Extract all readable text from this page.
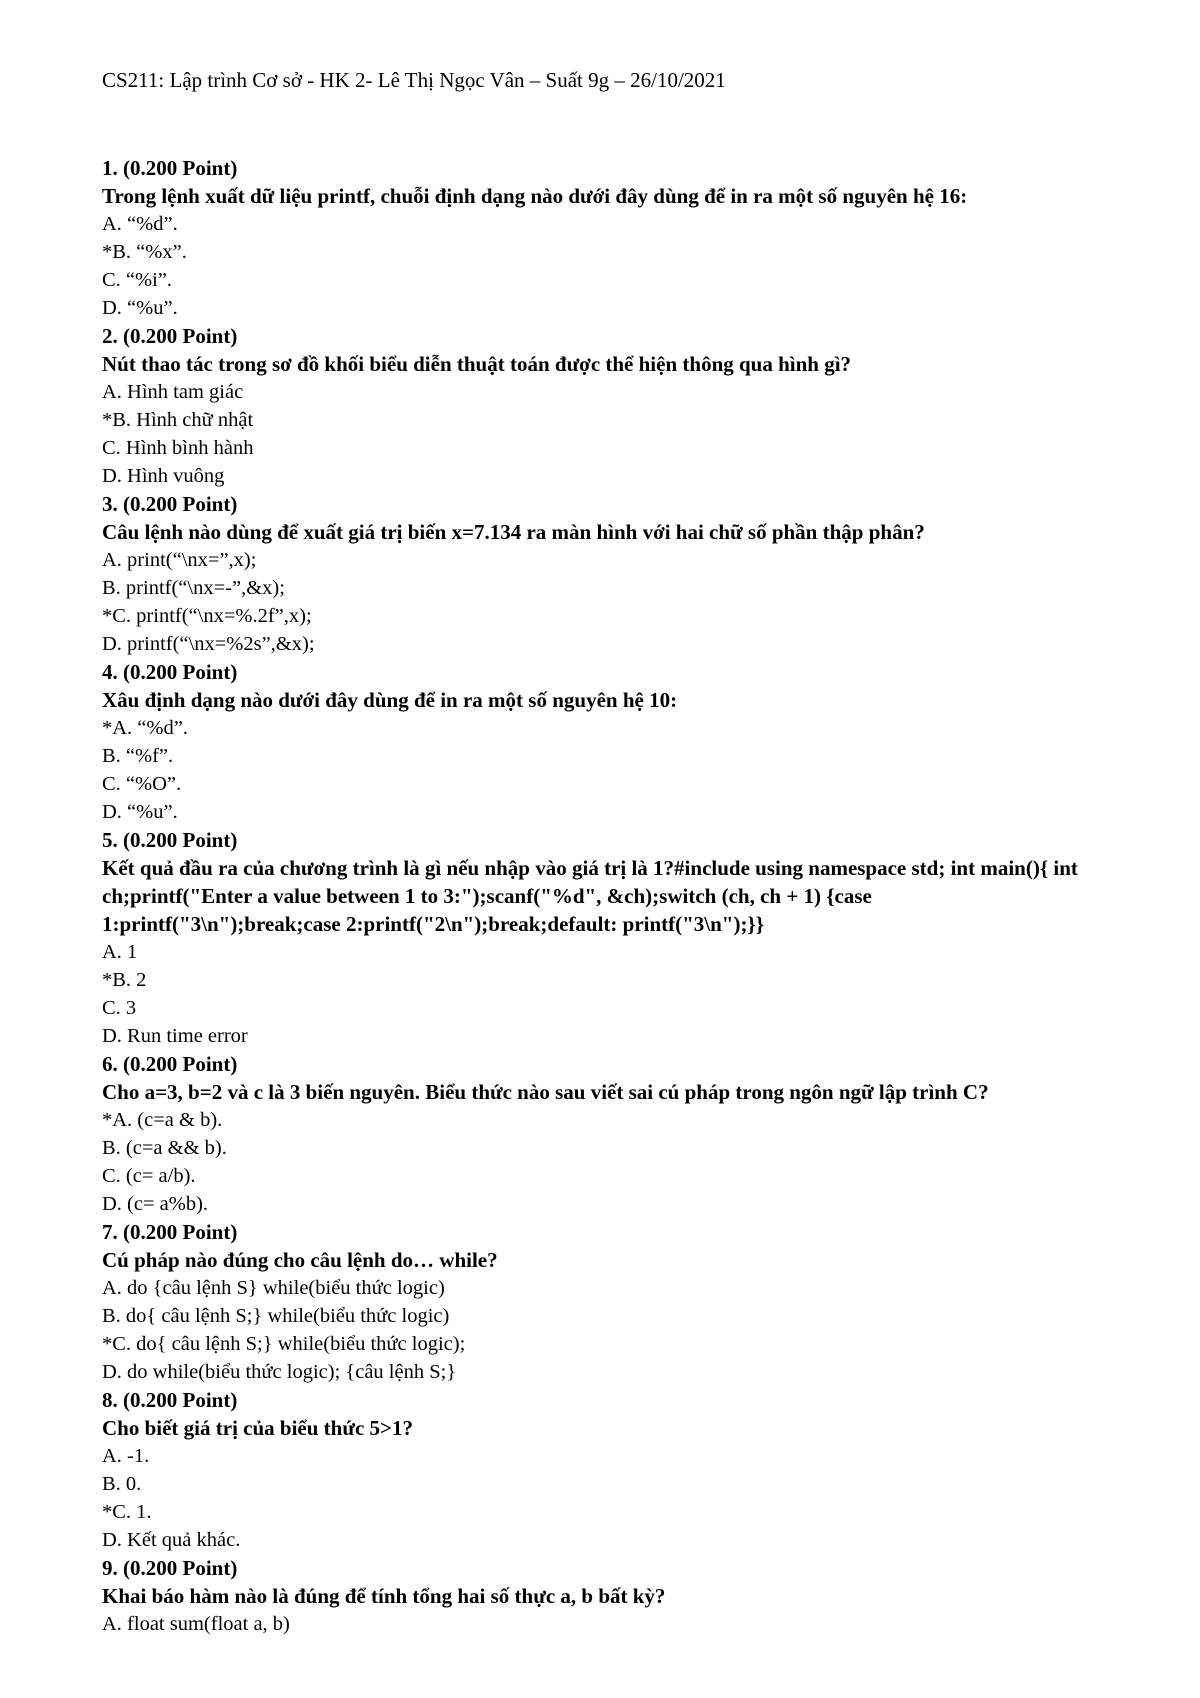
CS211: Lập trình Cơ sở - HK 2- Lê Thị Ngọc Vân – Suất 9g – 26/10/2021
1. (0.200 Point)
Trong lệnh xuất dữ liệu printf, chuỗi định dạng nào dưới đây dùng để in ra một số nguyên hệ 16:
A. “%d”.
*B. “%x”.
C. “%i”.
D. “%u”.
2. (0.200 Point)
Nút thao tác trong sơ đồ khối biểu diễn thuật toán được thể hiện thông qua hình gì?
A. Hình tam giác
*B. Hình chữ nhật
C. Hình bình hành
D. Hình vuông
3. (0.200 Point)
Câu lệnh nào dùng để xuất giá trị biến x=7.134 ra màn hình với hai chữ số phần thập phân?
A. print(“\nx=”,x);
B. printf(“\nx=-”,&x);
*C. printf(“\nx=%.2f”,x);
D. printf(“\nx=%2s”,&x);
4. (0.200 Point)
Xâu định dạng nào dưới đây dùng để in ra một số nguyên hệ 10:
*A. “%d”.
B. “%f”.
C. “%O”.
D. “%u”.
5. (0.200 Point)
Kết quả đầu ra của chương trình là gì nếu nhập vào giá trị là 1?#include using namespace std; int main(){ int ch;printf("Enter a value between 1 to 3:");scanf("%d", &ch);switch (ch, ch + 1) {case 1:printf("3\n");break;case 2:printf("2\n");break;default: printf("3\n");}}
A. 1
*B. 2
C. 3
D. Run time error
6. (0.200 Point)
Cho a=3, b=2 và c là 3 biến nguyên. Biểu thức nào sau viết sai cú pháp trong ngôn ngữ lập trình C?
*A. (c=a & b).
B. (c=a && b).
C. (c= a/b).
D. (c= a%b).
7. (0.200 Point)
Cú pháp nào đúng cho câu lệnh do… while?
A. do {câu lệnh S} while(biểu thức logic)
B. do{ câu lệnh S;} while(biểu thức logic)
*C. do{ câu lệnh S;} while(biểu thức logic);
D. do while(biểu thức logic); {câu lệnh S;}
8. (0.200 Point)
Cho biết giá trị của biểu thức 5>1?
A. -1.
B. 0.
*C. 1.
D. Kết quả khác.
9. (0.200 Point)
Khai báo hàm nào là đúng để tính tổng hai số thực a, b bất kỳ?
A. float sum(float a, b)
